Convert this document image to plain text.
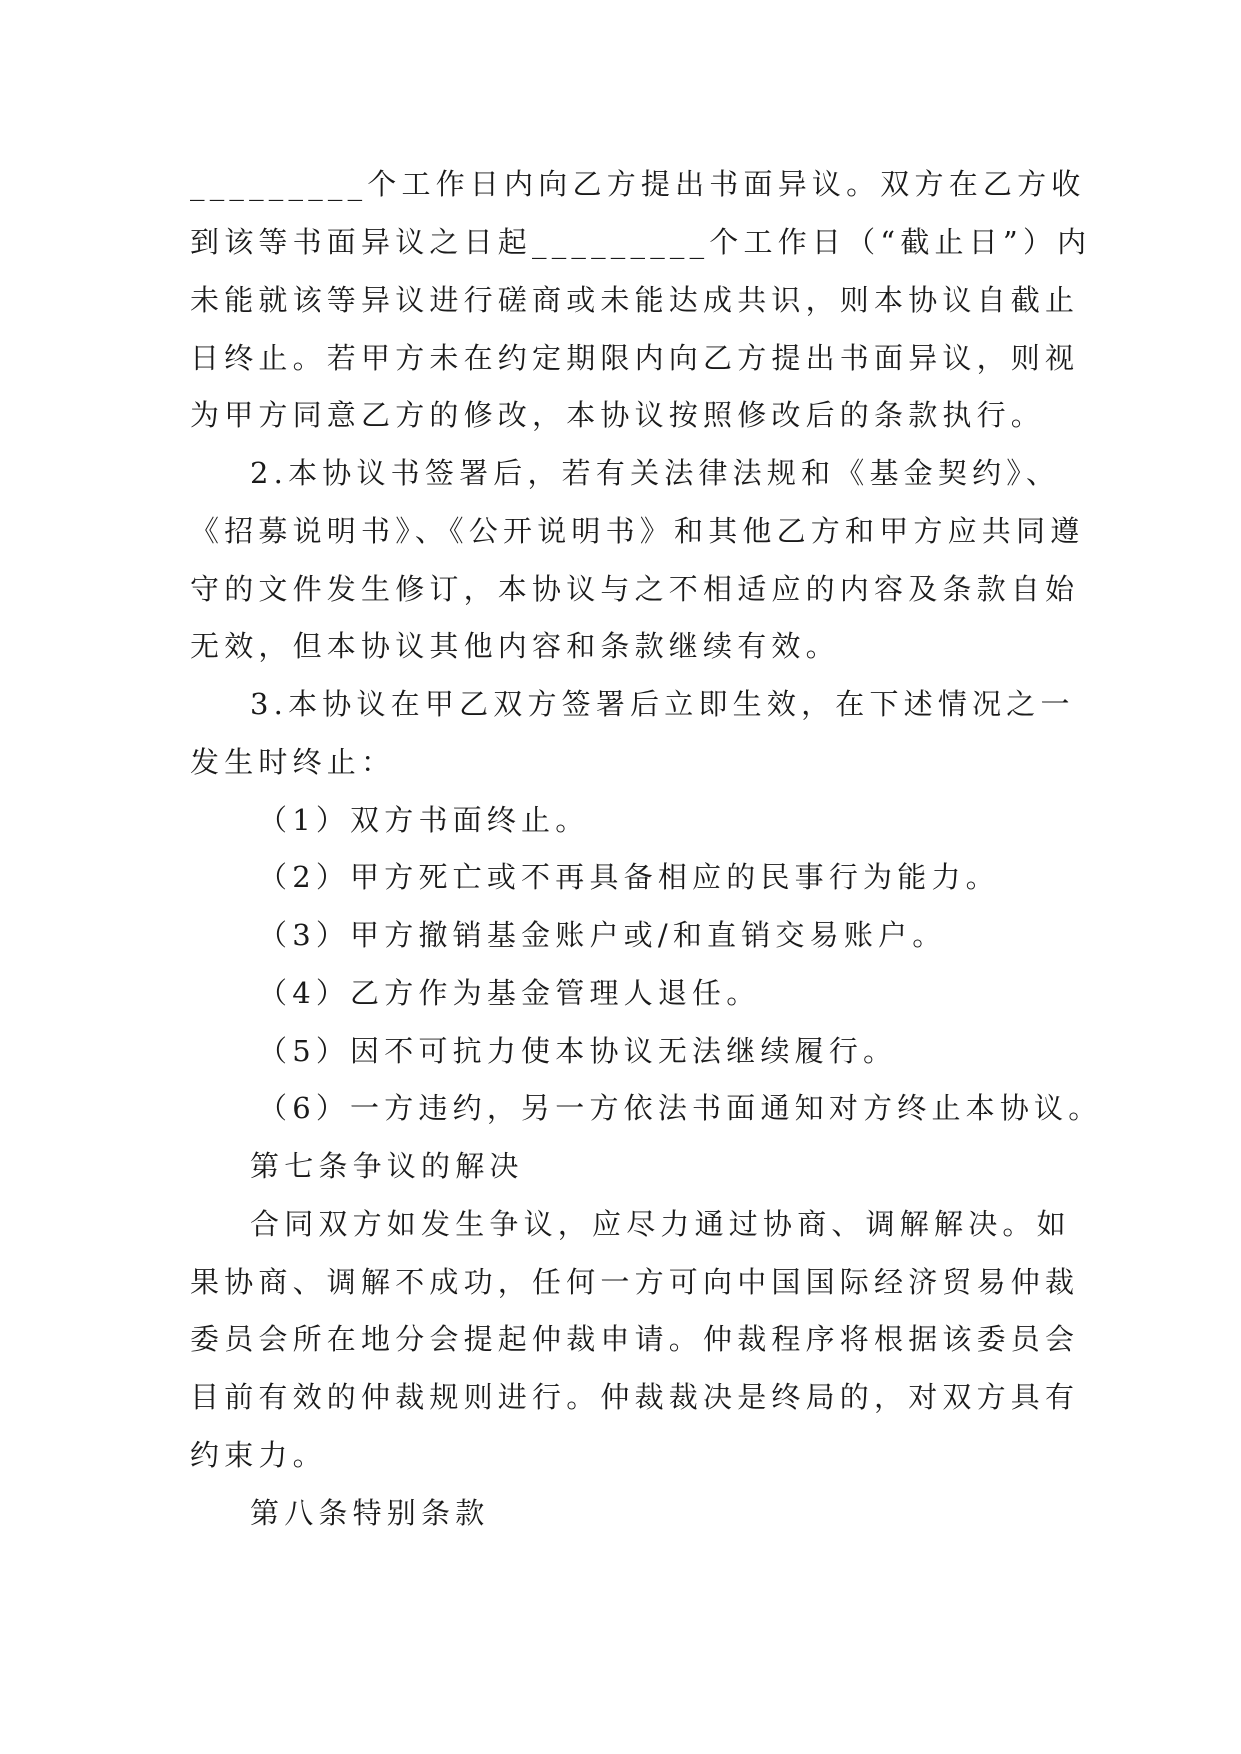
_________个工作日内向乙方提出书面异议。双方在乙方收
到该等书面异议之日起_________个工作日（“截止日”）内
未能就该等异议进行磋商或未能达成共识，则本协议自截止
日终止。若甲方未在约定期限内向乙方提出书面异议，则视
为甲方同意乙方的修改，本协议按照修改后的条款执行。
2.本协议书签署后，若有关法律法规和《基金契约》、
《招募说明书》、《公开说明书》和其他乙方和甲方应共同遵
守的文件发生修订，本协议与之不相适应的内容及条款自始
无效，但本协议其他内容和条款继续有效。
3.本协议在甲乙双方签署后立即生效，在下述情况之一
发生时终止：
（1）双方书面终止。
（2）甲方死亡或不再具备相应的民事行为能力。
（3）甲方撤销基金账户或/和直销交易账户。
（4）乙方作为基金管理人退任。
（5）因不可抗力使本协议无法继续履行。
（6）一方违约，另一方依法书面通知对方终止本协议。
第七条争议的解决
合同双方如发生争议，应尽力通过协商、调解解决。如
果协商、调解不成功，任何一方可向中国国际经济贸易仲裁
委员会所在地分会提起仲裁申请。仲裁程序将根据该委员会
目前有效的仲裁规则进行。仲裁裁决是终局的，对双方具有
约束力。
第八条特别条款
